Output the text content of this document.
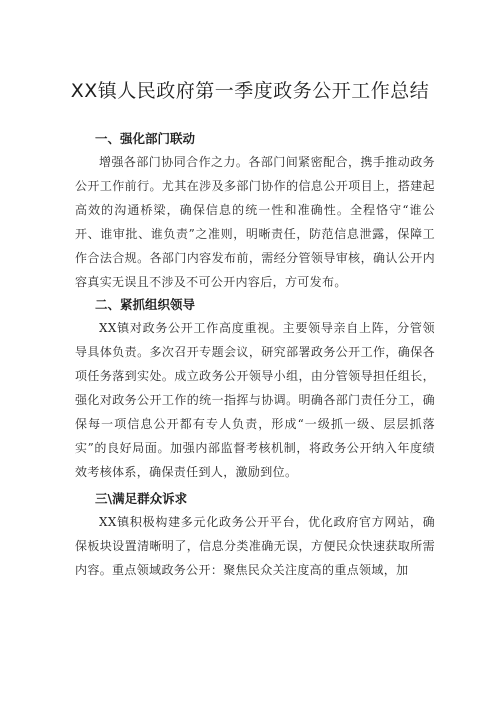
XX镇人民政府第一季度政务公开工作总结
一、强化部门联动

增强各部门协同合作之力。各部门间紧密配合，携手推动政务公开工作前行。尤其在涉及多部门协作的信息公开项目上，搭建起高效的沟通桥梁，确保信息的统一性和准确性。全程恪守“谁公开、谁审批、谁负责”之准则，明晰责任，防范信息泄露，保障工作合法合规。各部门内容发布前，需经分管领导审核，确认公开内容真实无误且不涉及不可公开内容后，方可发布。

二、紧抓组织领导

XX镇对政务公开工作高度重视。主要领导亲自上阵，分管领导具体负责。多次召开专题会议，研究部署政务公开工作，确保各项任务落到实处。成立政务公开领导小组，由分管领导担任组长，强化对政务公开工作的统一指挥与协调。明确各部门责任分工，确保每一项信息公开都有专人负责，形成“一级抓一级、层层抓落实”的良好局面。加强内部监督考核机制，将政务公开纳入年度绩效考核体系，确保责任到人，激励到位。

三\满足群众诉求

XX镇积极构建多元化政务公开平台，优化政府官方网站，确保板块设置清晰明了，信息分类准确无误，方便民众快速获取所需内容。重点领域政务公开：聚焦民众关注度高的重点领域，加
